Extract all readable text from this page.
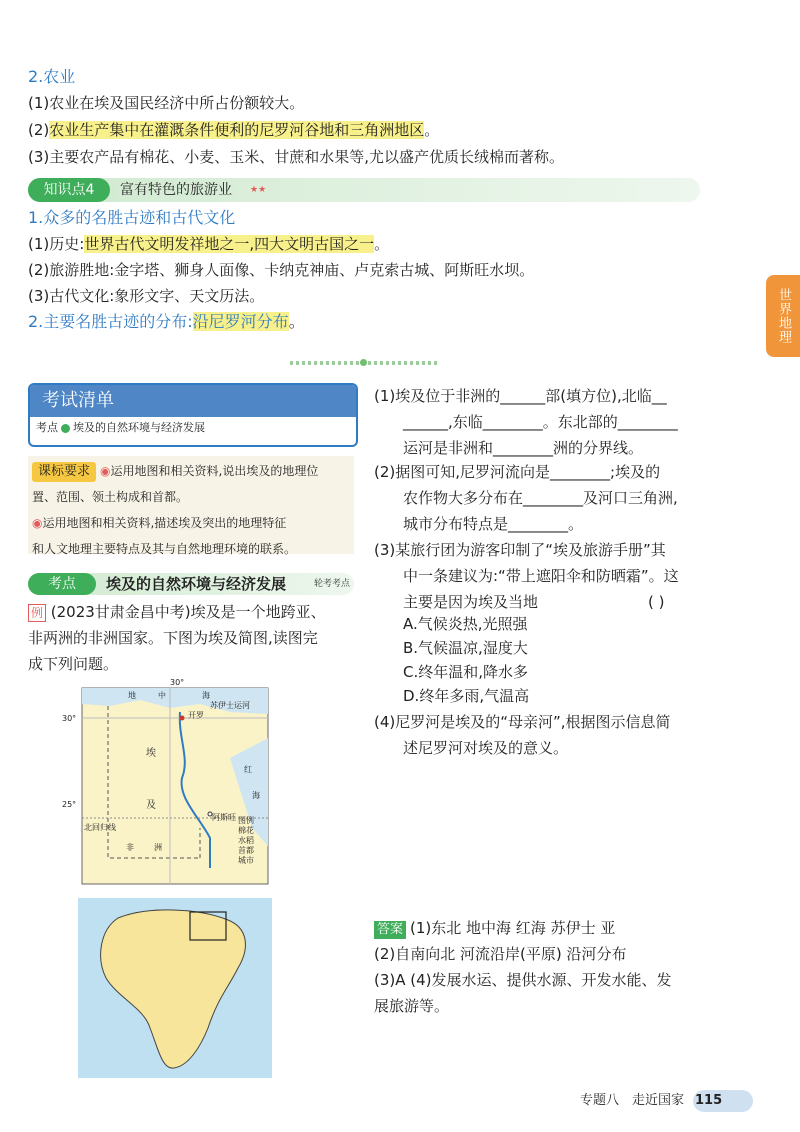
2.农业
(1)农业在埃及国民经济中所占份额较大。
(2)农业生产集中在灌溉条件便利的尼罗河谷地和三角洲地区。
(3)主要农产品有棉花、小麦、玉米、甘蔗和水果等,尤以盛产优质长绒棉而著称。
知识点4	富有特色的旅游业 ★★
1.众多的名胜古迹和古代文化
(1)历史:世界古代文明发祥地之一,四大文明古国之一。
(2)旅游胜地:金字塔、狮身人面像、卡纳克神庙、卢克索古城、阿斯旺水坝。
(3)古代文化:象形文字、天文历法。
2.主要名胜古迹的分布:沿尼罗河分布。	世界地理(下)
考试清单
考点 埃及的自然环境与经济发展

课标要求 ◉运用地图和相关资料,说出埃及的地理位

置、范围、领土构成和首都。

◉运用地图和相关资料,描述埃及突出的地理特征

和人文地理主要特点及其与自然地理环境的联系。

考点	埃及的自然环境与经济发展	轮考考点
例 (2023甘肃金昌中考)埃及是一个地跨亚、
非两洲的非洲国家。下图为埃及简图,读图完
成下列问题。
30°
30°
25°
北回归线
地	中	海
开罗
苏伊士运河
埃
及
红
海
阿斯旺
非	洲
图例
棉花
水稻
首都
城市
(1)埃及位于非洲的______部(填方位),北临__
______,东临________。东北部的________
运河是非洲和________洲的分界线。
(2)据图可知,尼罗河流向是________;埃及的
农作物大多分布在________及河口三角洲,
城市分布特点是________。
(3)某旅行团为游客印制了“埃及旅游手册”其
中一条建议为:“带上遮阳伞和防晒霜”。这
主要是因为埃及当地	( )
A.气候炎热,光照强
B.气候温凉,湿度大
C.终年温和,降水多
D.终年多雨,气温高
(4)尼罗河是埃及的“母亲河”,根据图示信息简
述尼罗河对埃及的意义。
答案 (1)东北 地中海 红海 苏伊士 亚
(2)自南向北 河流沿岸(平原) 沿河分布
(3)A (4)发展水运、提供水源、开发水能、发
展旅游等。
专题八 走近国家 115
